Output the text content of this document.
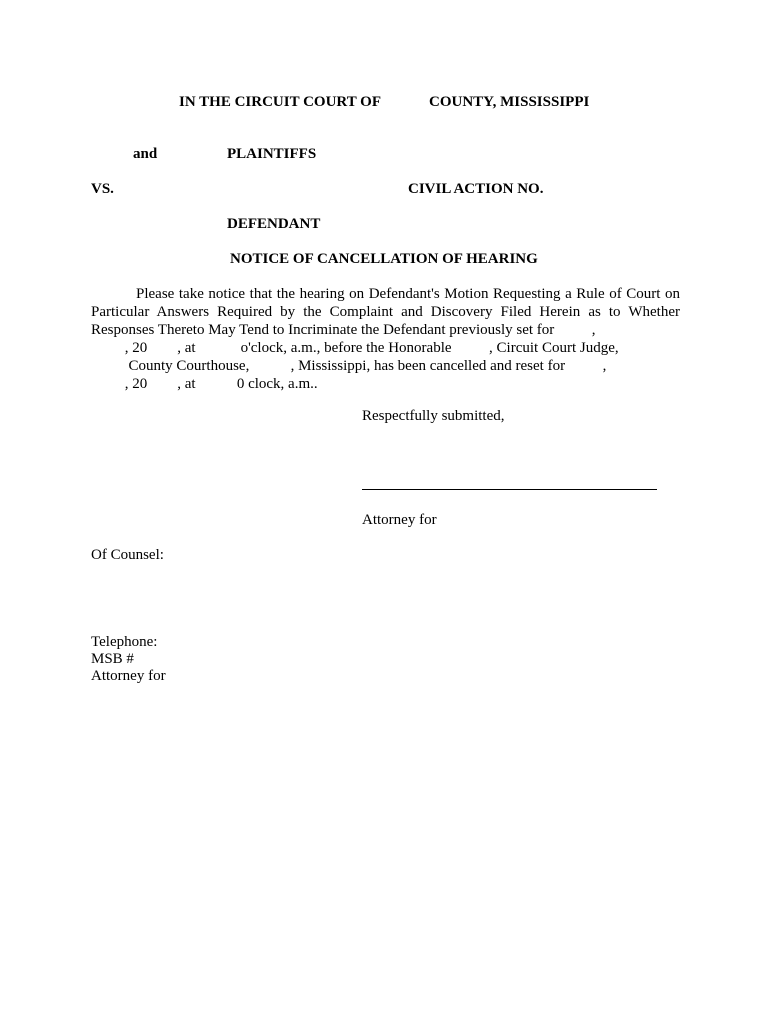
IN THE CIRCUIT COURT OF	COUNTY, MISSISSIPPI
and	PLAINTIFFS
VS.	CIVIL ACTION NO.
DEFENDANT
NOTICE OF CANCELLATION OF HEARING
Please take notice that the hearing on Defendant's Motion Requesting a Rule of Court on
Particular Answers Required by the Complaint and Discovery Filed Herein as to Whether
Responses Thereto May Tend to Incriminate the Defendant previously set for          ,
, 20        , at            o'clock, a.m., before the Honorable          , Circuit Court Judge,
County Courthouse,           , Mississippi, has been cancelled and reset for          ,
, 20        , at           0 clock, a.m..
Respectfully submitted,
Attorney for
Of Counsel:
Telephone:
MSB #
Attorney for
